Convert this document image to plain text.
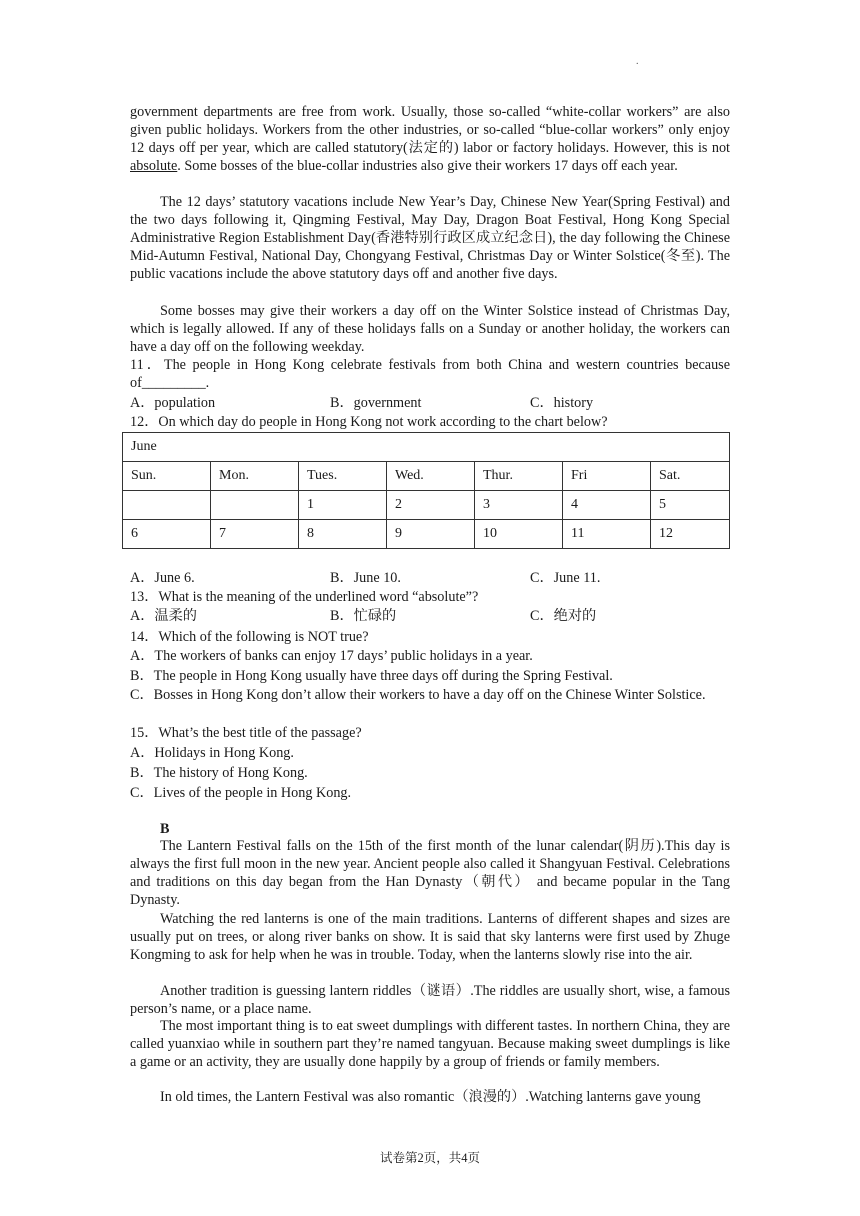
.

government departments are free from work. Usually, those so-called “white-collar workers” are also given public holidays. Workers from the other industries, or so-called “blue-collar workers” only enjoy 12 days off per year, which are called statutory(法定的) labor or factory holidays. However, this is not absolute. Some bosses of the blue-collar industries also give their workers 17 days off each year.

The 12 days’ statutory vacations include New Year’s Day, Chinese New Year(Spring Festival) and the two days following it, Qingming Festival, May Day, Dragon Boat Festival, Hong Kong Special Administrative Region Establishment Day(香港特别行政区成立纪念日), the day following the Chinese Mid-Autumn Festival, National Day, Chongyang Festival, Christmas Day or Winter Solstice(冬至). The public vacations include the above statutory days off and another five days.

Some bosses may give their workers a day off on the Winter Solstice instead of Christmas Day, which is legally allowed. If any of these holidays falls on a Sunday or another holiday, the workers can have a day off on the following weekday.

11．The people in Hong Kong celebrate festivals from both China and western countries because of_________.

A．population	B．government	C．history
12．On which day do people in Hong Kong not work according to the chart below?
June						
Sun.	Mon.	Tues.	Wed.	Thur.	Fri	Sat.
		1	2	3	4	5
6	7	8	9	10	11	12
A．June 6.	B．June 10.	C．June 11.
13．What is the meaning of the underlined word “absolute”?
A．温柔的	B．忙碌的	C．绝对的
14．Which of the following is NOT true?
A．The workers of banks can enjoy 17 days’ public holidays in a year.
B．The people in Hong Kong usually have three days off during the Spring Festival.

C．Bosses in Hong Kong don’t allow their workers to have a day off on the Chinese Winter Solstice.

15．What’s the best title of the passage?
A．Holidays in Hong Kong.
B．The history of Hong Kong.
C．Lives of the people in Hong Kong.
B

The Lantern Festival falls on the 15th of the first month of the lunar calendar(阴历).This day is always the first full moon in the new year. Ancient people also called it Shangyuan Festival. Celebrations and traditions on this day began from the Han Dynasty（朝代） and became popular in the Tang Dynasty.

Watching the red lanterns is one of the main traditions. Lanterns of different shapes and sizes are usually put on trees, or along river banks on show. It is said that sky lanterns were first used by Zhuge Kongming to ask for help when he was in trouble. Today, when the lanterns slowly rise into the air.

Another tradition is guessing lantern riddles（谜语）.The riddles are usually short, wise, a famous person’s name, or a place name.

The most important thing is to eat sweet dumplings with different tastes. In northern China, they are called yuanxiao while in southern part they’re named tangyuan. Because making sweet dumplings is like a game or an activity, they are usually done happily by a group of friends or family members.

In old times, the Lantern Festival was also romantic（浪漫的）.Watching lanterns gave young

试卷第2页，共4页
